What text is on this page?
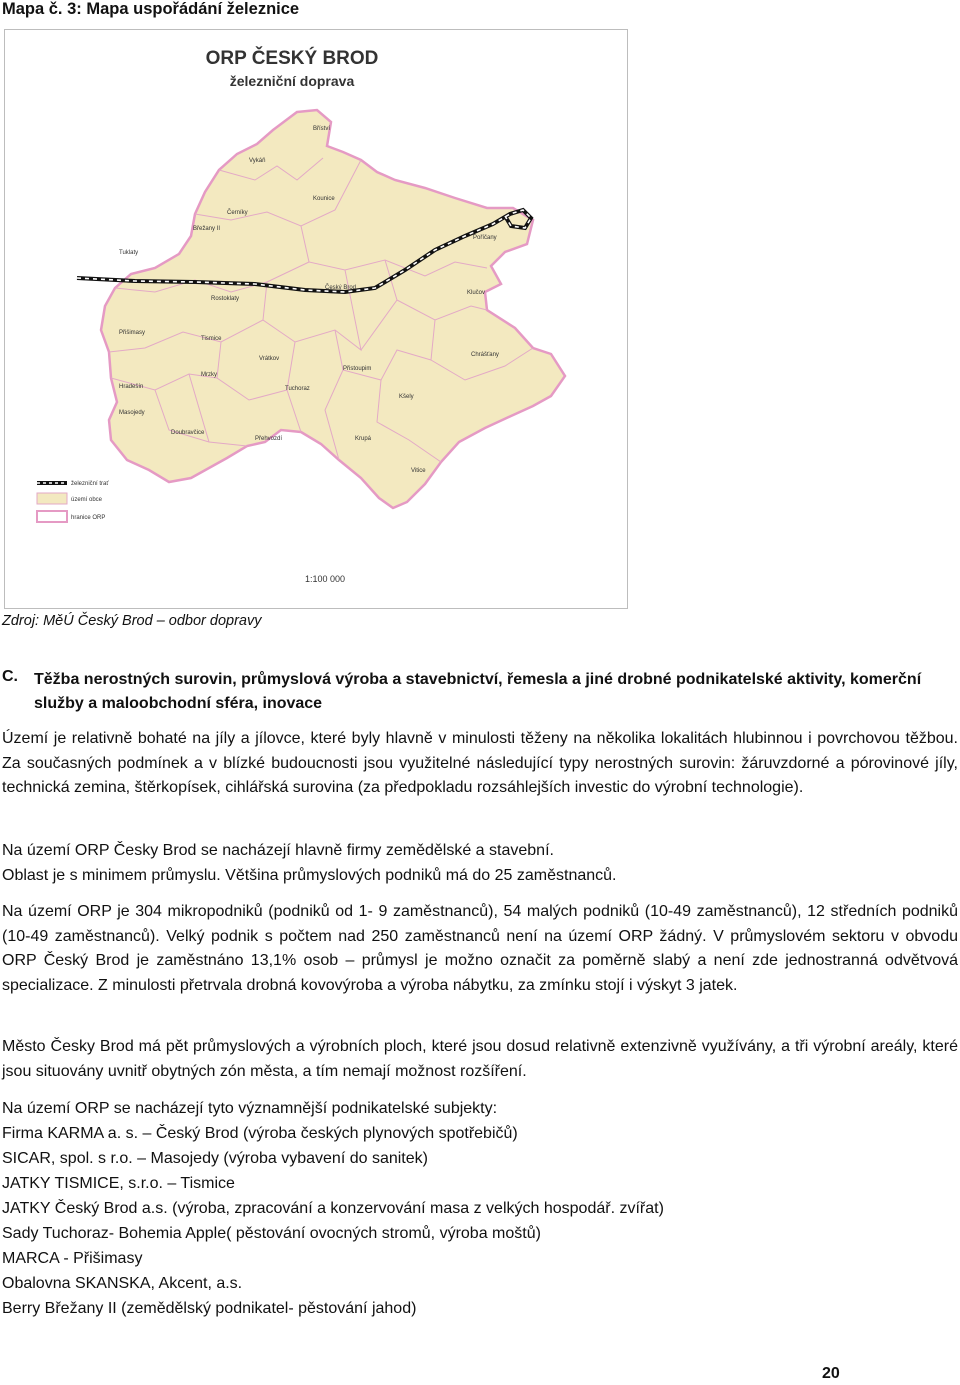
Mapa č. 3: Mapa uspořádání železnice
ORP ČESKÝ BROD
železniční doprava
Bříství
Vykáň
Kounice
Černíky
Břežany II
Poříčany
Tuklaty
Český Brod
Klučov
Rostoklaty
Přišimasy
Chrášťany
Tismice
Vrátkov
Přistoupim
Mrzky
Hradešín	Tuchoraz
Kšely
Masojedy
Doubravčice
Přehvozdí	Krupá
Vitice
železniční trať
území obce
hranice ORP
1:100 000
Zdroj: MěÚ Český Brod – odbor dopravy
C. Těžba nerostných surovin, průmyslová výroba a stavebnictví, řemesla a jiné drobné podnikatelské aktivity, komerční služby a maloobchodní sféra, inovace
Území je relativně bohaté na jíly a jílovce, které byly hlavně v minulosti těženy na několika lokalitách hlubinnou i povrchovou těžbou. Za současných podmínek a v blízké budoucnosti jsou využitelné následující typy nerostných surovin: žáruvzdorné a pórovinové jíly, technická zemina, štěrkopísek, cihlářská surovina (za předpokladu rozsáhlejších investic do výrobní technologie).
Na území ORP Česky Brod se nacházejí hlavně firmy zemědělské a stavební.
Oblast je s minimem průmyslu. Většina průmyslových podniků má do 25 zaměstnanců.
Na území ORP je 304 mikropodniků (podniků od 1- 9 zaměstnanců), 54 malých podniků (10-49 zaměstnanců), 12 středních podniků (10-49 zaměstnanců). Velký podnik s počtem nad 250 zaměstnanců není na území ORP žádný. V průmyslovém sektoru v obvodu ORP Český Brod je zaměstnáno 13,1% osob – průmysl je možno označit za poměrně slabý a není zde jednostranná odvětvová specializace. Z minulosti přetrvala drobná kovovýroba a výroba nábytku, za zmínku stojí i výskyt 3 jatek.
Město Česky Brod má pět průmyslových a výrobních ploch, které jsou dosud relativně extenzivně využívány, a tři výrobní areály, které jsou situovány uvnitř obytných zón města, a tím nemají možnost rozšíření.
Na území ORP se nacházejí tyto významnější podnikatelské subjekty:
Firma KARMA a. s. – Český Brod (výroba českých plynových spotřebičů)
SICAR, spol. s r.o. – Masojedy (výroba vybavení do sanitek)
JATKY TISMICE, s.r.o. – Tismice
JATKY Český Brod a.s. (výroba, zpracování a konzervování masa z velkých hospodář. zvířat)
Sady Tuchoraz- Bohemia Apple( pěstování ovocných stromů, výroba moštů)
MARCA - Přišimasy
Obalovna SKANSKA, Akcent, a.s.
Berry Břežany II (zemědělský podnikatel- pěstování jahod)
20
